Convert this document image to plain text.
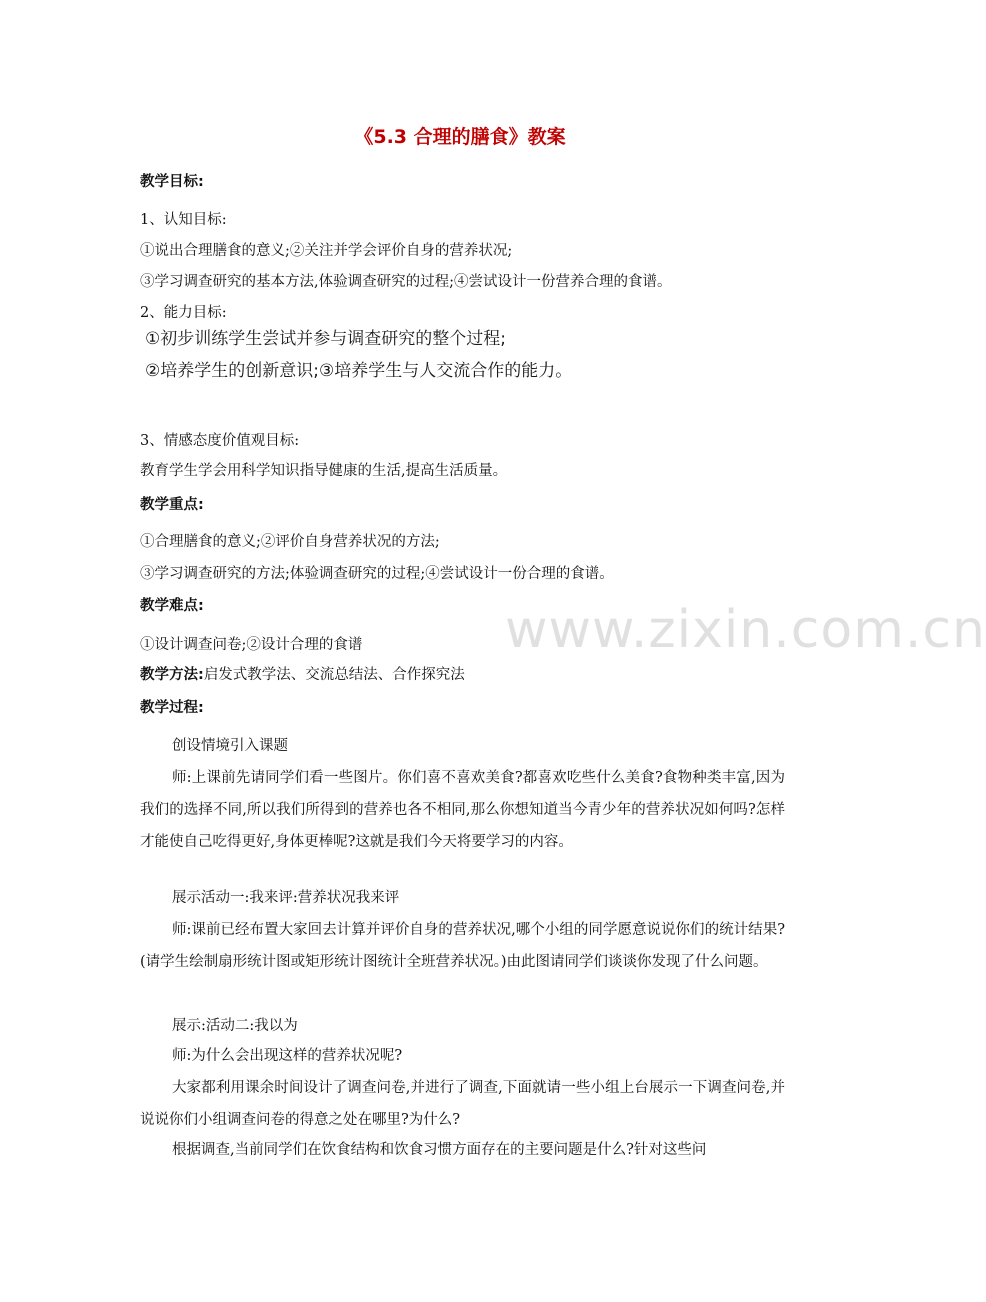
《5.3 合理的膳食》教案
教学目标:
1、认知目标:
①说出合理膳食的意义;②关注并学会评价自身的营养状况;
③学习调查研究的基本方法,体验调查研究的过程;④尝试设计一份营养合理的食谱。
2、能力目标:
①初步训练学生尝试并参与调查研究的整个过程;
②培养学生的创新意识;③培养学生与人交流合作的能力。
3、情感态度价值观目标:
教育学生学会用科学知识指导健康的生活,提高生活质量。
教学重点:
①合理膳食的意义;②评价自身营养状况的方法;
③学习调查研究的方法;体验调查研究的过程;④尝试设计一份合理的食谱。
教学难点:
①设计调查问卷;②设计合理的食谱
教学方法:启发式教学法、交流总结法、合作探究法
教学过程:
创设情境引入课题
师:上课前先请同学们看一些图片。你们喜不喜欢美食?都喜欢吃些什么美食?食物种类丰富,因为我们的选择不同,所以我们所得到的营养也各不相同,那么你想知道当今青少年的营养状况如何吗?怎样才能使自己吃得更好,身体更棒呢?这就是我们今天将要学习的内容。
展示活动一:我来评:营养状况我来评
师:课前已经布置大家回去计算并评价自身的营养状况,哪个小组的同学愿意说说你们的统计结果?(请学生绘制扇形统计图或矩形统计图统计全班营养状况。)由此图请同学们谈谈你发现了什么问题。
展示:活动二:我以为
师:为什么会出现这样的营养状况呢?
大家都利用课余时间设计了调查问卷,并进行了调查,下面就请一些小组上台展示一下调查问卷,并说说你们小组调查问卷的得意之处在哪里?为什么?
根据调查,当前同学们在饮食结构和饮食习惯方面存在的主要问题是什么?针对这些问
www.zixin.com.cn
